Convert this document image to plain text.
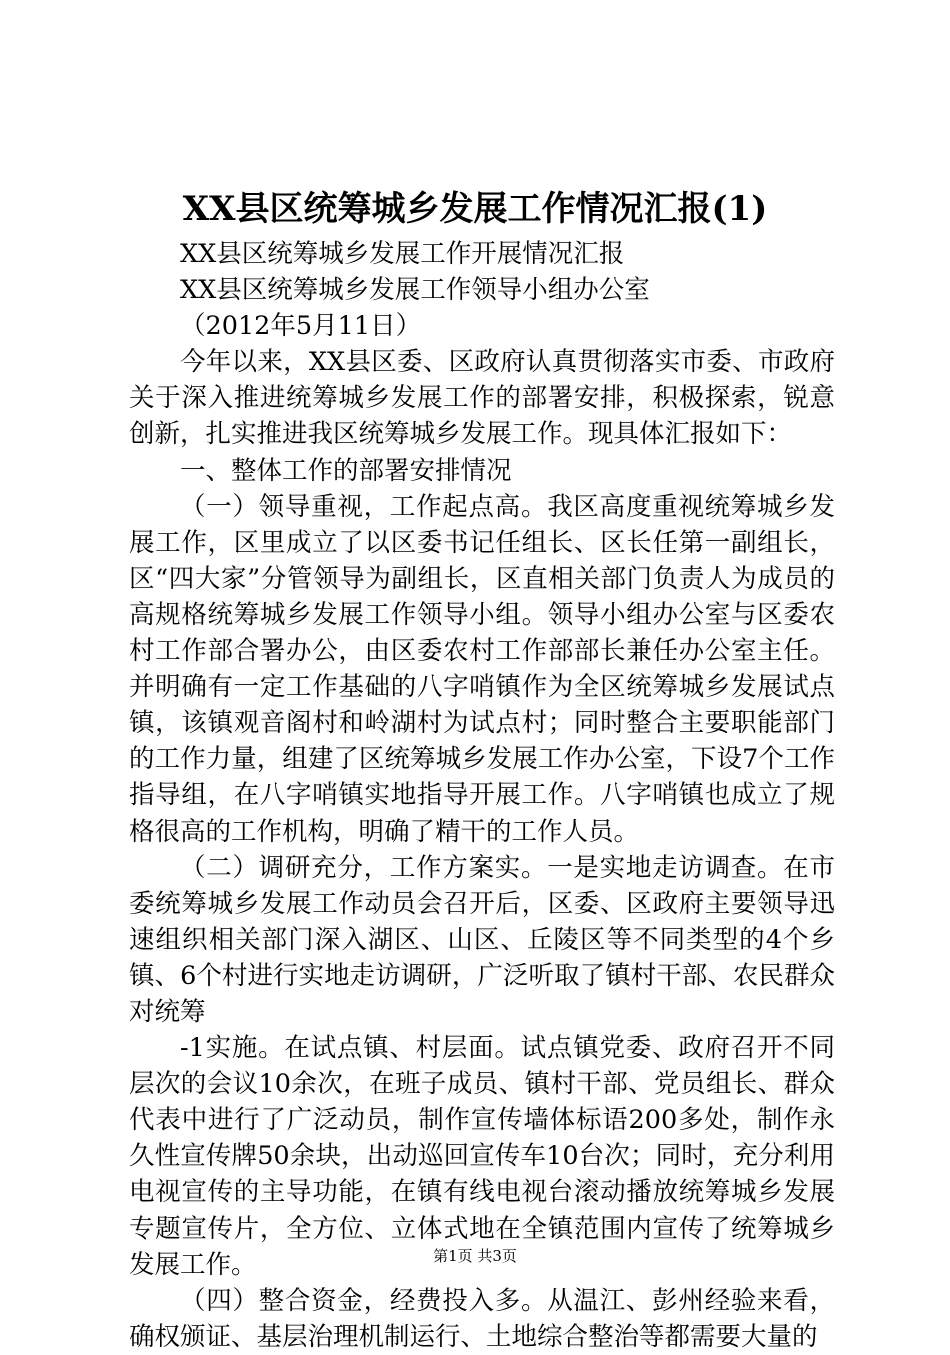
XX县区统筹城乡发展工作情况汇报(1)

XX县区统筹城乡发展工作开展情况汇报

XX县区统筹城乡发展工作领导小组办公室

（2012年5月11日）

今年以来，XX县区委、区政府认真贯彻落实市委、市政府关于深入推进统筹城乡发展工作的部署安排，积极探索，锐意创新，扎实推进我区统筹城乡发展工作。现具体汇报如下：

一、整体工作的部署安排情况

（一）领导重视，工作起点高。我区高度重视统筹城乡发展工作，区里成立了以区委书记任组长、区长任第一副组长，区“四大家”分管领导为副组长，区直相关部门负责人为成员的高规格统筹城乡发展工作领导小组。领导小组办公室与区委农村工作部合署办公，由区委农村工作部部长兼任办公室主任。并明确有一定工作基础的八字哨镇作为全区统筹城乡发展试点镇，该镇观音阁村和岭湖村为试点村；同时整合主要职能部门的工作力量，组建了区统筹城乡发展工作办公室，下设7个工作指导组，在八字哨镇实地指导开展工作。八字哨镇也成立了规格很高的工作机构，明确了精干的工作人员。

（二）调研充分，工作方案实。一是实地走访调查。在市委统筹城乡发展工作动员会召开后，区委、区政府主要领导迅速组织相关部门深入湖区、山区、丘陵区等不同类型的4个乡镇、6个村进行实地走访调研，广泛听取了镇村干部、农民群众对统筹

-1实施。在试点镇、村层面。试点镇党委、政府召开不同层次的会议10余次，在班子成员、镇村干部、党员组长、群众代表中进行了广泛动员，制作宣传墙体标语200多处，制作永久性宣传牌50余块，出动巡回宣传车10台次；同时，充分利用电视宣传的主导功能，在镇有线电视台滚动播放统筹城乡发展专题宣传片，全方位、立体式地在全镇范围内宣传了统筹城乡发展工作。

（四）整合资金，经费投入多。从温江、彭州经验来看，确权颁证、基层治理机制运行、土地综合整治等都需要大量的

第1页 共3页
